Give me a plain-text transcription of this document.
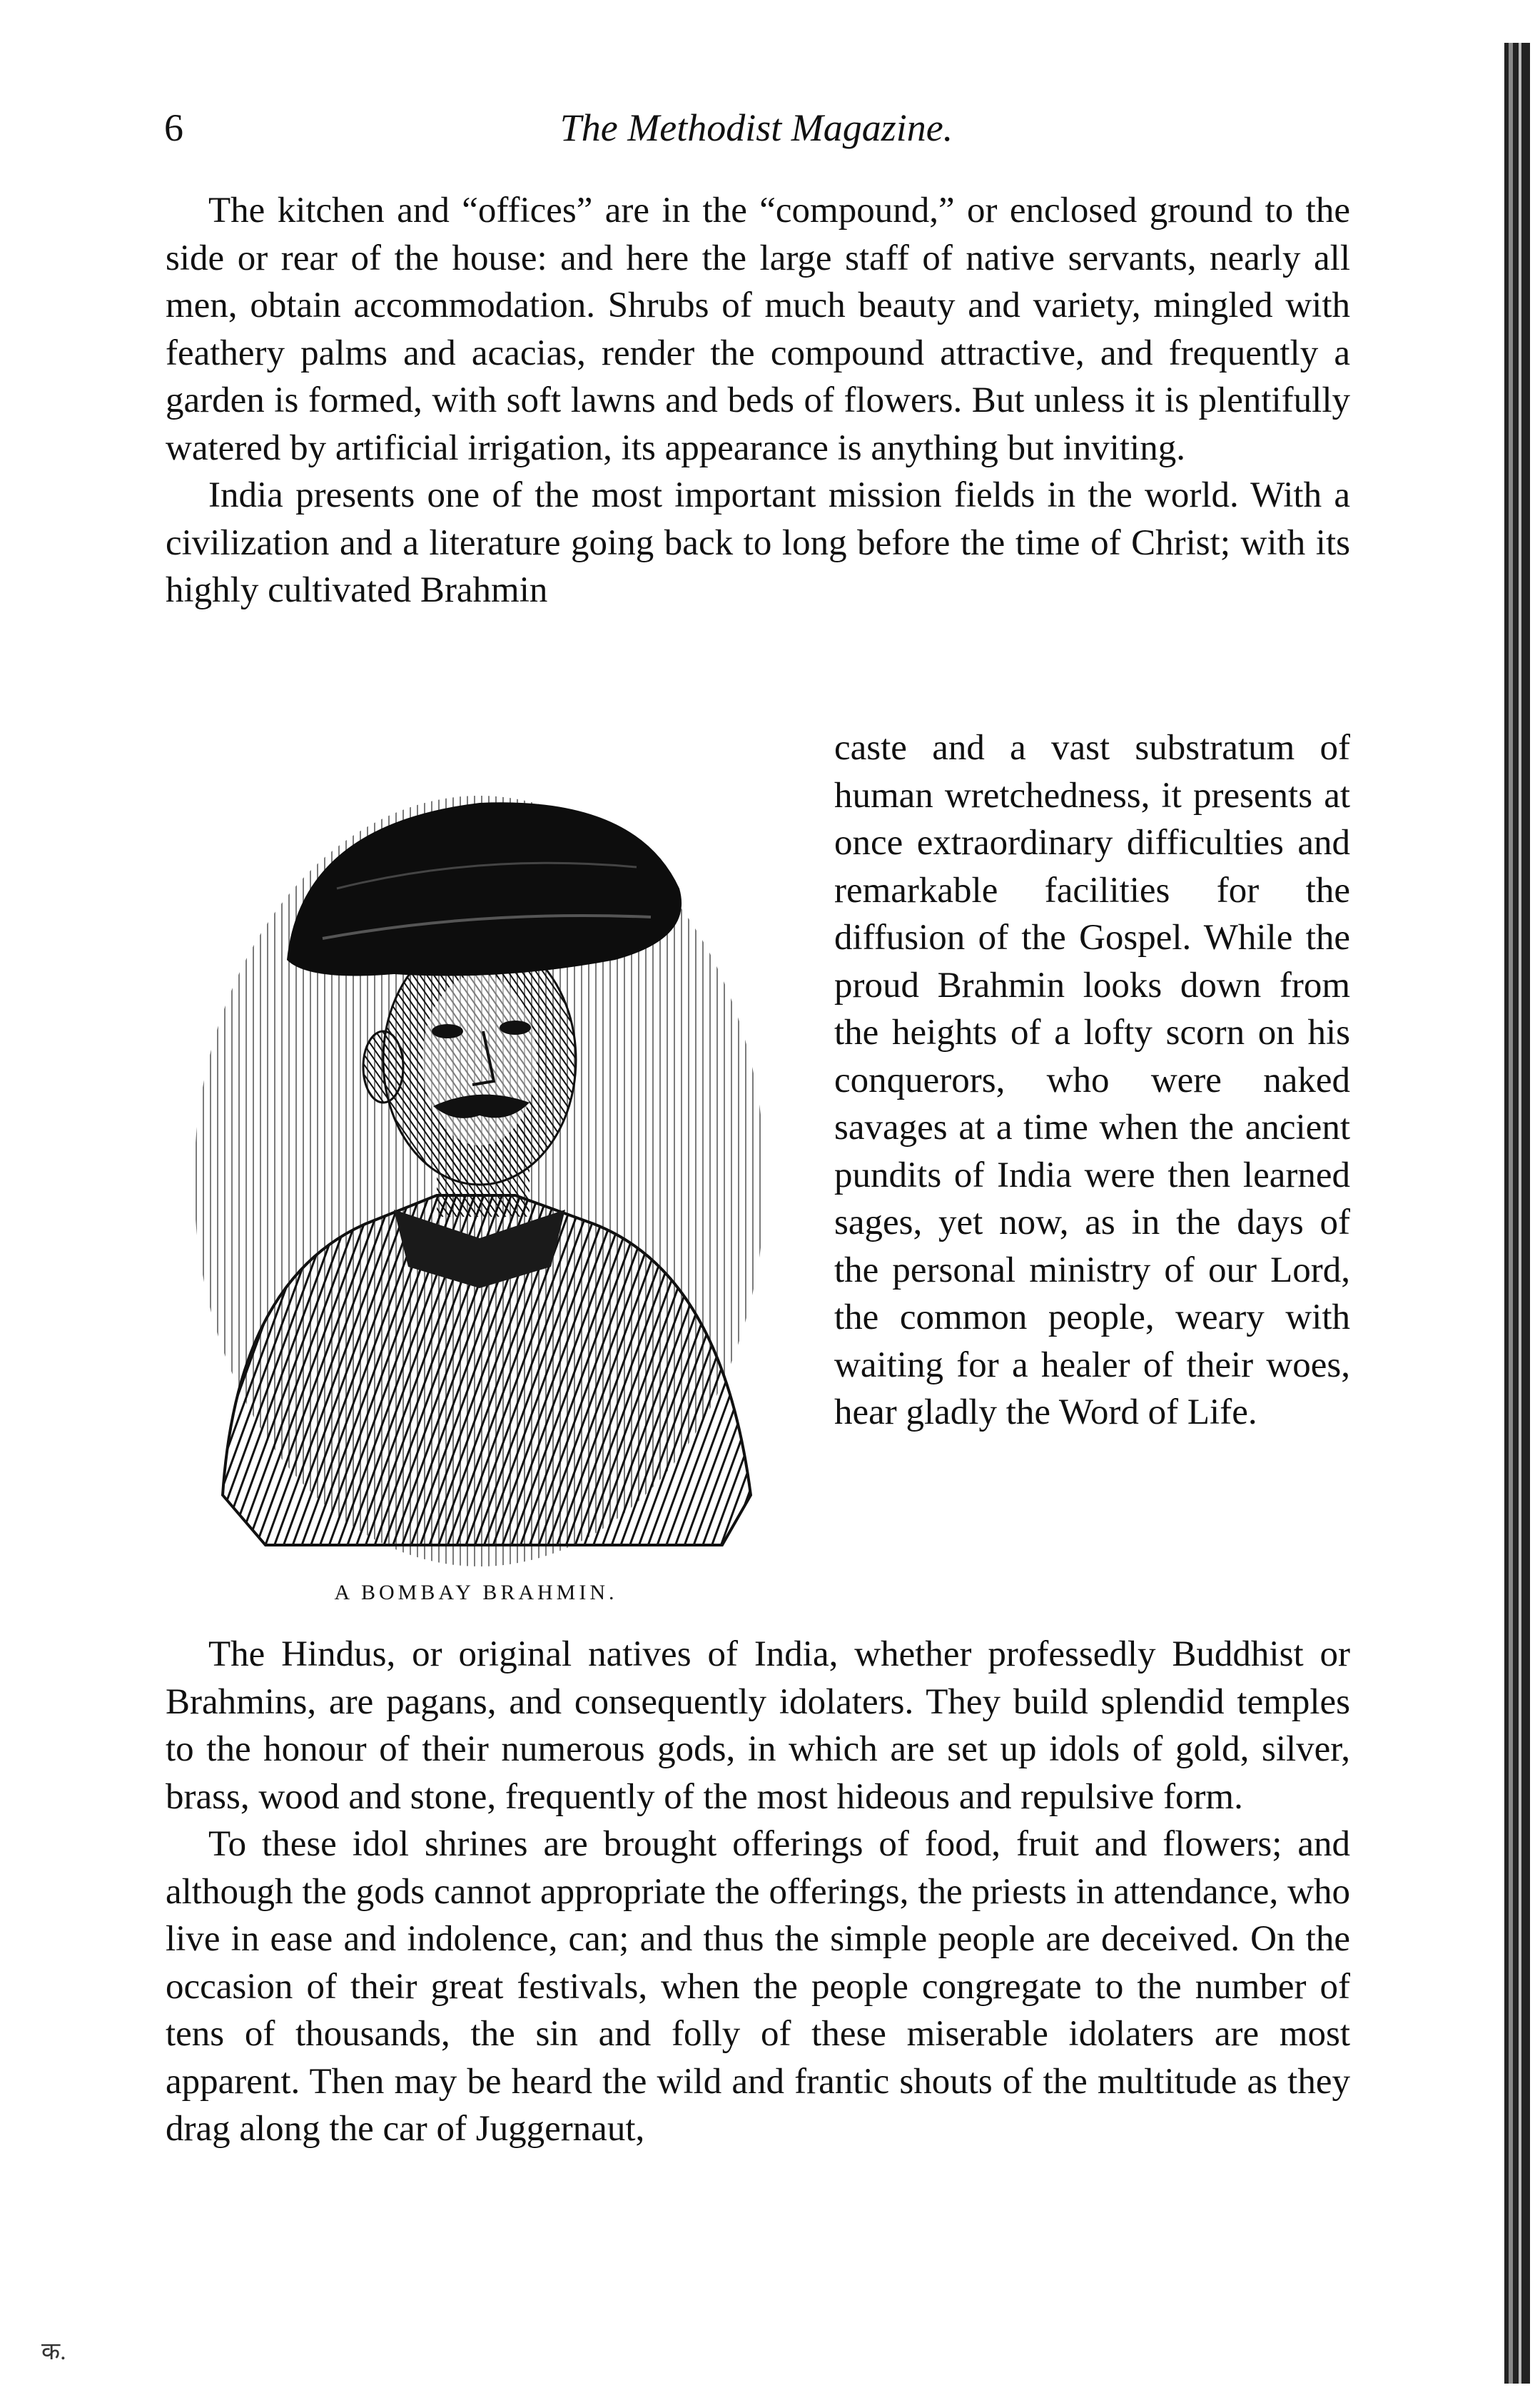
6	The Methodist Magazine.

The kitchen and “offices” are in the “compound,” or enclosed ground to the side or rear of the house: and here the large staff of native servants, nearly all men, obtain accommodation. Shrubs of much beauty and variety, mingled with feathery palms and acacias, render the compound attractive, and frequently a garden is formed, with soft lawns and beds of flowers. But unless it is plentifully watered by artificial irrigation, its appearance is anything but inviting.

India presents one of the most important mission fields in the world. With a civilization and a literature going back to long before the time of Christ; with its highly cultivated Brahmin

A BOMBAY BRAHMIN.

caste and a vast substratum of human wretchedness, it presents at once extraordinary difficulties and remarkable facilities for the diffusion of the Gospel. While the proud Brahmin looks down from the heights of a lofty scorn on his conquerors, who were naked savages at a time when the ancient pundits of India were then learned sages, yet now, as in the days of the personal ministry of our Lord, the common people, weary with waiting for a healer of their woes, hear gladly the Word of Life.

The Hindus, or original natives of India, whether professedly Buddhist or Brahmins, are pagans, and consequently idolaters. They build splendid temples to the honour of their numerous gods, in which are set up idols of gold, silver, brass, wood and stone, frequently of the most hideous and repulsive form.

To these idol shrines are brought offerings of food, fruit and flowers; and although the gods cannot appropriate the offerings, the priests in attendance, who live in ease and indolence, can; and thus the simple people are deceived. On the occasion of their great festivals, when the people congregate to the number of tens of thousands, the sin and folly of these miserable idolaters are most apparent. Then may be heard the wild and frantic shouts of the multitude as they drag along the car of Juggernaut,

क.
